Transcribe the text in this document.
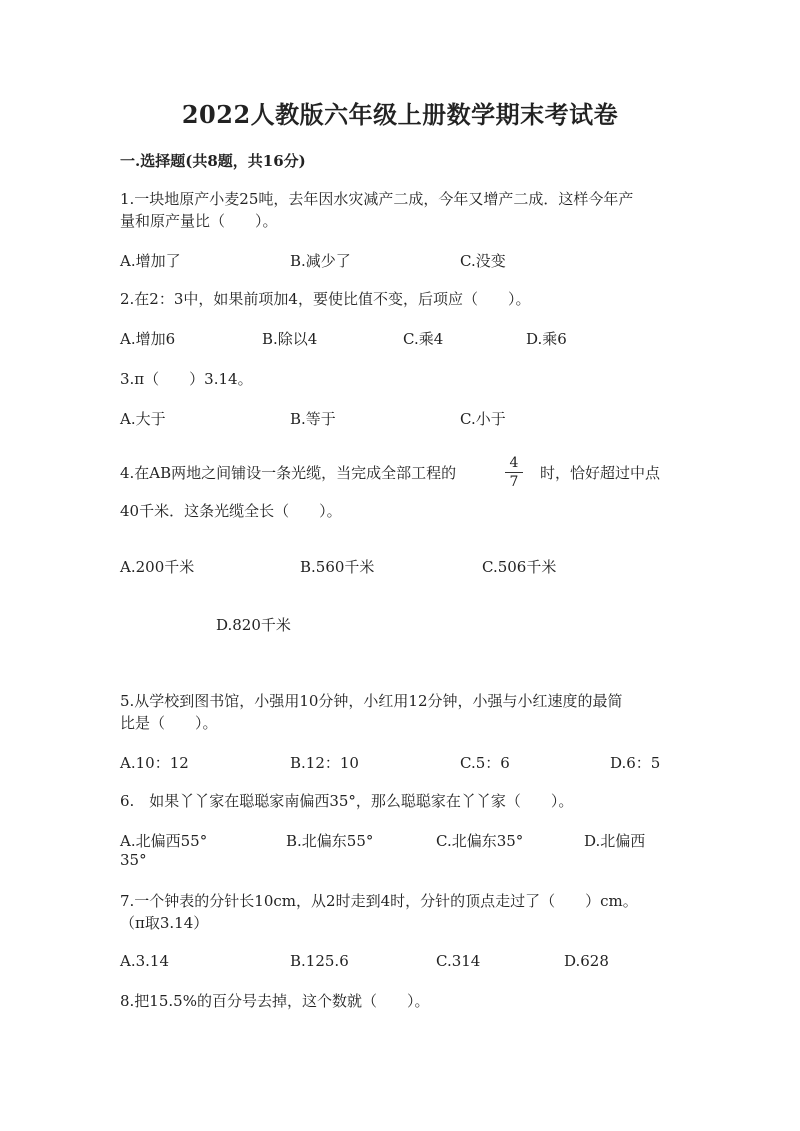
2022人教版六年级上册数学期末考试卷
一.选择题(共8题，共16分)
1.一块地原产小麦25吨，去年因水灾减产二成，今年又增产二成．这样今年产
量和原产量比（　　）。
A.增加了	B.减少了	C.没变
2.在2：3中，如果前项加4，要使比值不变，后项应（　　）。
A.增加6	B.除以4	C.乘4	D.乘6
3.π（　　）3.14。
A.大于	B.等于	C.小于
4.在AB两地之间铺设一条光缆，当完成全部工程的
4
7	时，恰好超过中点
40千米．这条光缆全长（　　）。
A.200千米	B.560千米	C.506千米
D.820千米
5.从学校到图书馆，小强用10分钟，小红用12分钟，小强与小红速度的最简
比是（　　）。
A.10：12	B.12：10	C.5：6	D.6：5
6.　如果丫丫家在聪聪家南偏西35°，那么聪聪家在丫丫家（　　）。
A.北偏西55°	B.北偏东55°	C.北偏东35°	D.北偏西
35°
7.一个钟表的分针长10cm，从2时走到4时，分针的顶点走过了（　　）cm。
（π取3.14）
A.3.14	B.125.6	C.314	D.628
8.把15.5%的百分号去掉，这个数就（　　）。
